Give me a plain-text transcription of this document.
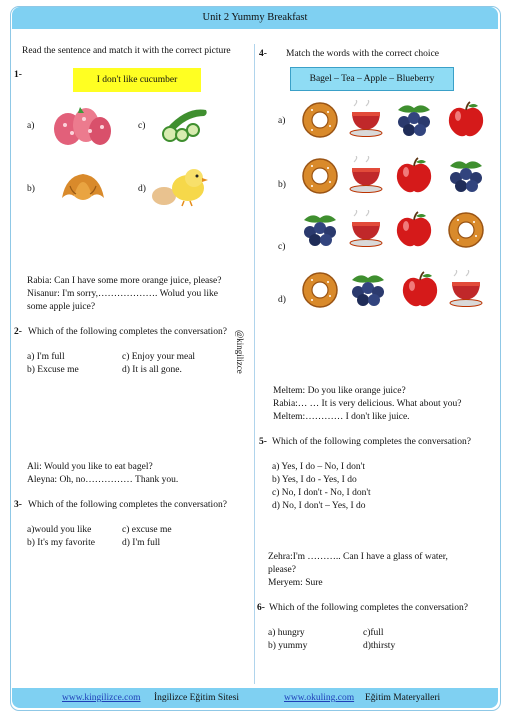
Unit 2 Yummy Breakfast
Read the sentence and match it with the correct picture
1-	I don't like cucumber
a)	c)
b)	d)
Rabia: Can I have some more orange juice, please?
Nisanur: I'm sorry,………………. Wolud you like
some apple juice?
2- Which of the following completes the conversation?
a) I'm full	c) Enjoy your meal
b) Excuse me	d) It is all gone.
Ali: Would you like to eat bagel?
Aleyna: Oh, no…………… Thank you.
3- Which of the following completes the conversation?
a)would you like	c) excuse me
b) It's my favorite	d) I'm full
@kingilizce
4- Match the words with the correct choice
Bagel – Tea – Apple – Blueberry
a)
b)
c)
d)
Meltem: Do you like orange juice?
Rabia:… … It is very delicious. What about you?
Meltem:………… I don't like juice.
5- Which of the following completes the conversation?
a) Yes, I do – No, I don't
b) Yes, I do - Yes, I do
c) No, I don't - No, I don't
d) No, I don't – Yes, I do
Zehra:I'm ……….. Can I have a glass of water,
please?
Meryem: Sure
6- Which of the following completes the conversation?
a) hungry	c)full
b) yummy	d)thirsty
www.kingilizce.com İngilizce Eğitim Sitesi	www.okuling.com Eğitim Materyalleri
